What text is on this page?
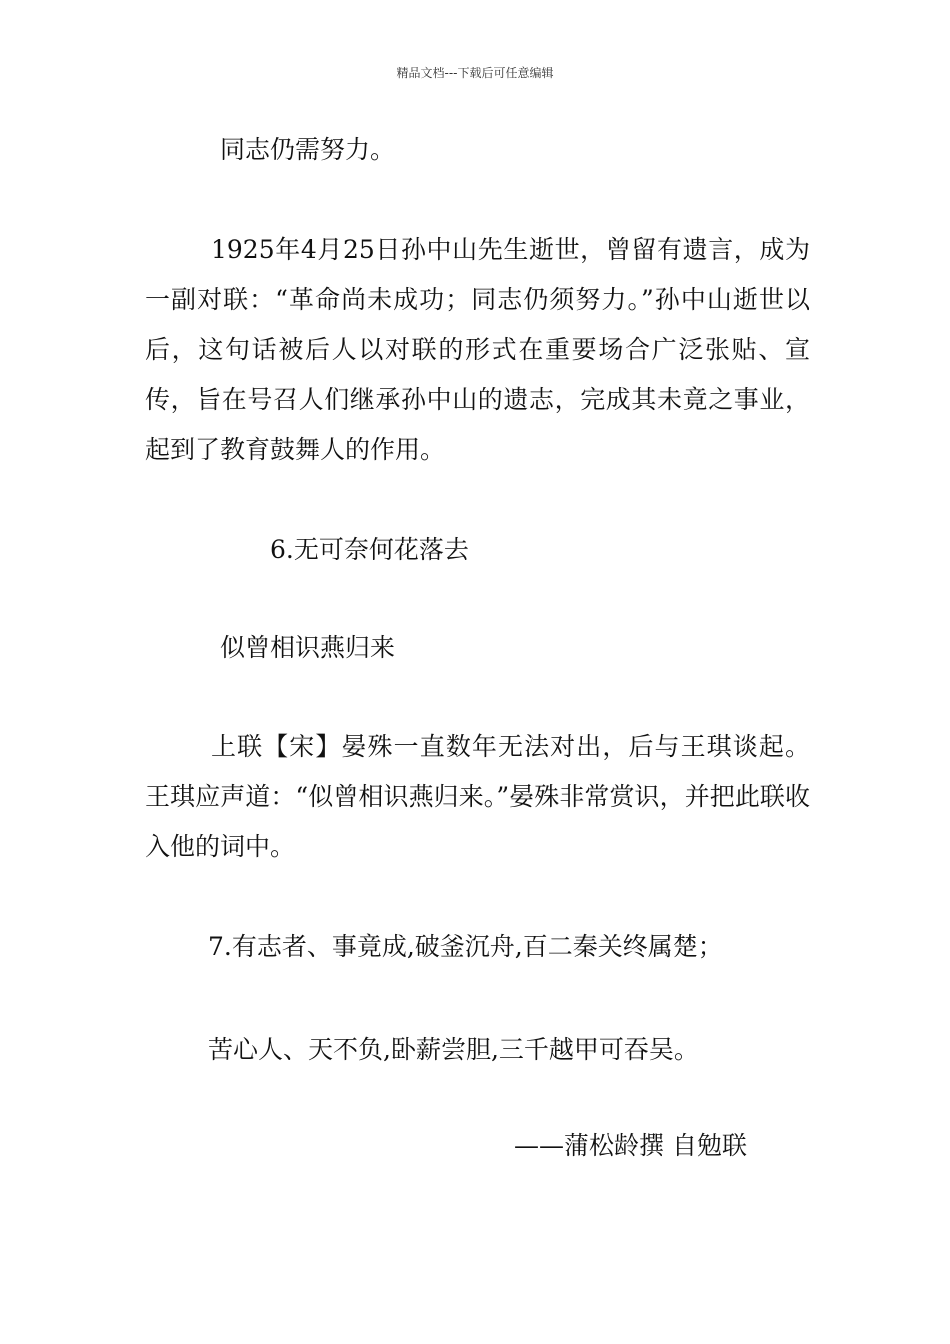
精品文档---下载后可任意编辑
同志仍需努力。
1925年4月25日孙中山先生逝世，曾留有遗言，成为一副对联：“革命尚未成功；同志仍须努力。”孙中山逝世以后，这句话被后人以对联的形式在重要场合广泛张贴、宣传，旨在号召人们继承孙中山的遗志，完成其未竟之事业，起到了教育鼓舞人的作用。
6.无可奈何花落去
似曾相识燕归来
上联【宋】晏殊一直数年无法对出，后与王琪谈起。王琪应声道：“似曾相识燕归来。”晏殊非常赏识，并把此联收入他的词中。
7.有志者、事竟成,破釜沉舟,百二秦关终属楚；
苦心人、天不负,卧薪尝胆,三千越甲可吞吴。
——蒲松龄撰 自勉联
